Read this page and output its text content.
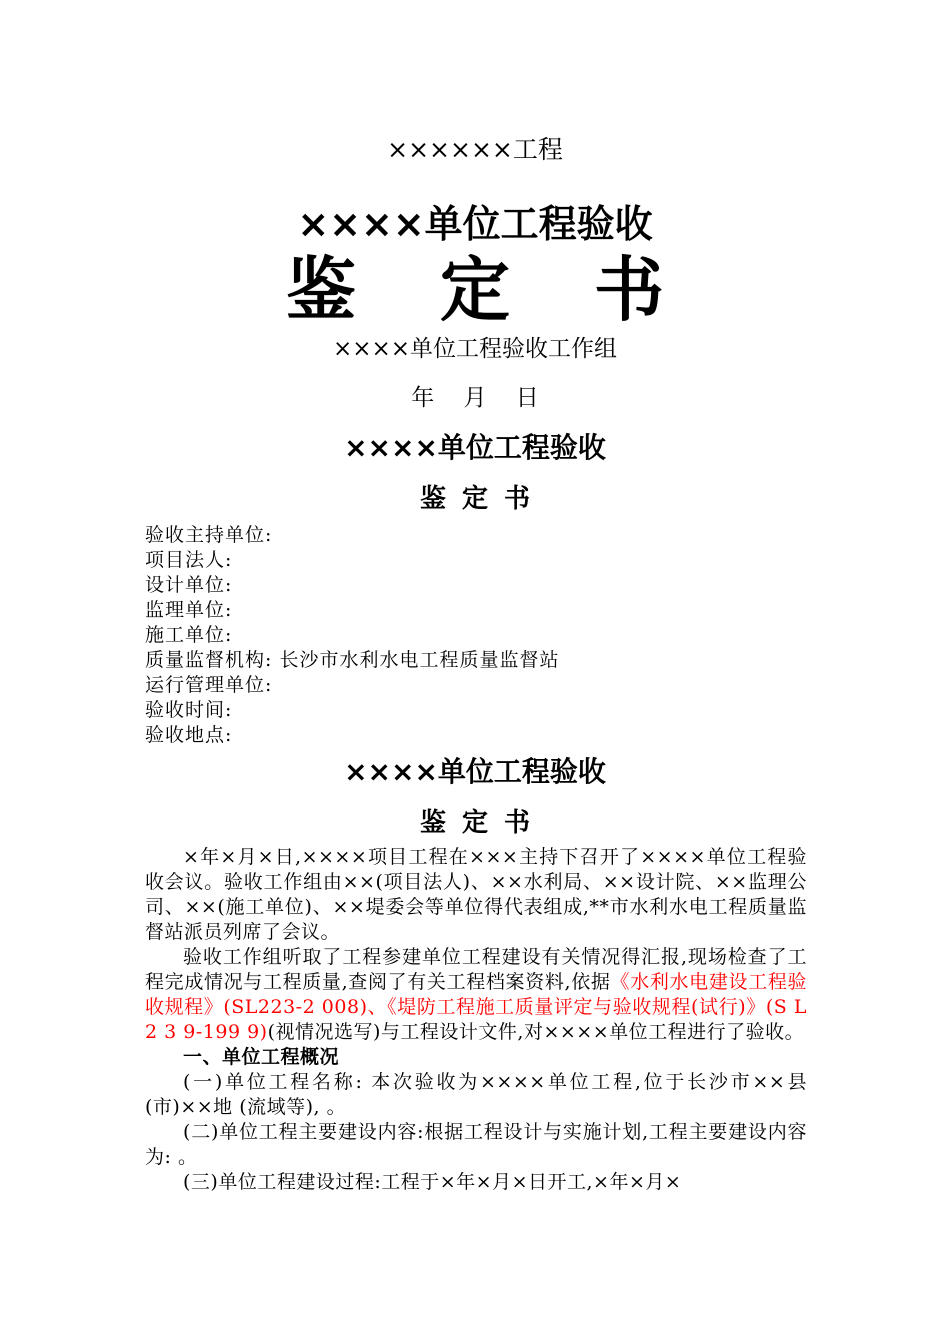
××××××工程
××××单位工程验收
鉴定书
××××单位工程验收工作组
年 月 日
××××单位工程验收
鉴定书
验收主持单位:
项目法人:
设计单位:
监理单位:
施工单位:
质量监督机构: 长沙市水利水电工程质量监督站
运行管理单位:
验收时间:
验收地点:
××××单位工程验收
鉴定书

×年×月×日,××××项目工程在×××主持下召开了××××单位工程验收会议。验收工作组由××(项目法人)、××水利局、××设计院、××监理公司、××(施工单位)、××堤委会等单位得代表组成,**市水利水电工程质量监督站派员列席了会议。

验收工作组听取了工程参建单位工程建设有关情况得汇报,现场检查了工程完成情况与工程质量,查阅了有关工程档案资料,依据《水利水电建设工程验收规程》(SL223-2 008)、《堤防工程施工质量评定与验收规程(试行)》(S L 2 3 9-199 9)(视情况选写)与工程设计文件,对××××单位工程进行了验收。

一、单位工程概况

(一)单位工程名称: 本次验收为××××单位工程,位于长沙市××县(市)××地 (流域等), 。

(二)单位工程主要建设内容:根据工程设计与实施计划,工程主要建设内容为: 。

(三)单位工程建设过程:工程于×年×月×日开工,×年×月×
